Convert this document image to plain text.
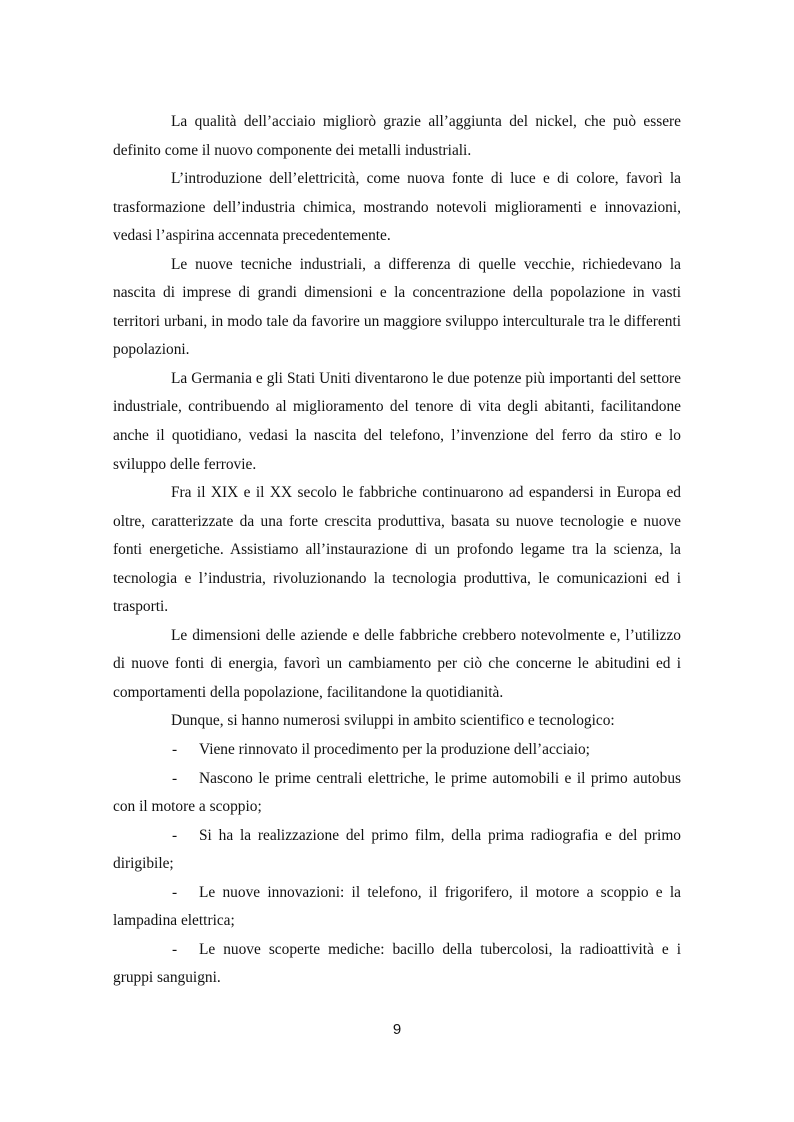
La qualità dell’acciaio migliorò grazie all’aggiunta del nickel, che può essere definito come il nuovo componente dei metalli industriali.

L’introduzione dell’elettricità, come nuova fonte di luce e di colore, favorì la trasformazione dell’industria chimica, mostrando notevoli miglioramenti e innovazioni, vedasi l’aspirina accennata precedentemente.

Le nuove tecniche industriali, a differenza di quelle vecchie, richiedevano la nascita di imprese di grandi dimensioni e la concentrazione della popolazione in vasti territori urbani, in modo tale da favorire un maggiore sviluppo interculturale tra le differenti popolazioni.

La Germania e gli Stati Uniti diventarono le due potenze più importanti del settore industriale, contribuendo al miglioramento del tenore di vita degli abitanti, facilitandone anche il quotidiano, vedasi la nascita del telefono, l’invenzione del ferro da stiro e lo sviluppo delle ferrovie.

Fra il XIX e il XX secolo le fabbriche continuarono ad espandersi in Europa ed oltre, caratterizzate da una forte crescita produttiva, basata su nuove tecnologie e nuove fonti energetiche. Assistiamo all’instaurazione di un profondo legame tra la scienza, la tecnologia e l’industria, rivoluzionando la tecnologia produttiva, le comunicazioni ed i trasporti.

Le dimensioni delle aziende e delle fabbriche crebbero notevolmente e, l’utilizzo di nuove fonti di energia, favorì un cambiamento per ciò che concerne le abitudini ed i comportamenti della popolazione, facilitandone la quotidianità.

Dunque, si hanno numerosi sviluppi in ambito scientifico e tecnologico:

- Viene rinnovato il procedimento per la produzione dell’acciaio;
- Nascono le prime centrali elettriche, le prime automobili e il primo autobus con il motore a scoppio;
- Si ha la realizzazione del primo film, della prima radiografia e del primo dirigibile;
- Le nuove innovazioni: il telefono, il frigorifero, il motore a scoppio e la lampadina elettrica;
- Le nuove scoperte mediche: bacillo della tubercolosi, la radioattività e i gruppi sanguigni.
9
